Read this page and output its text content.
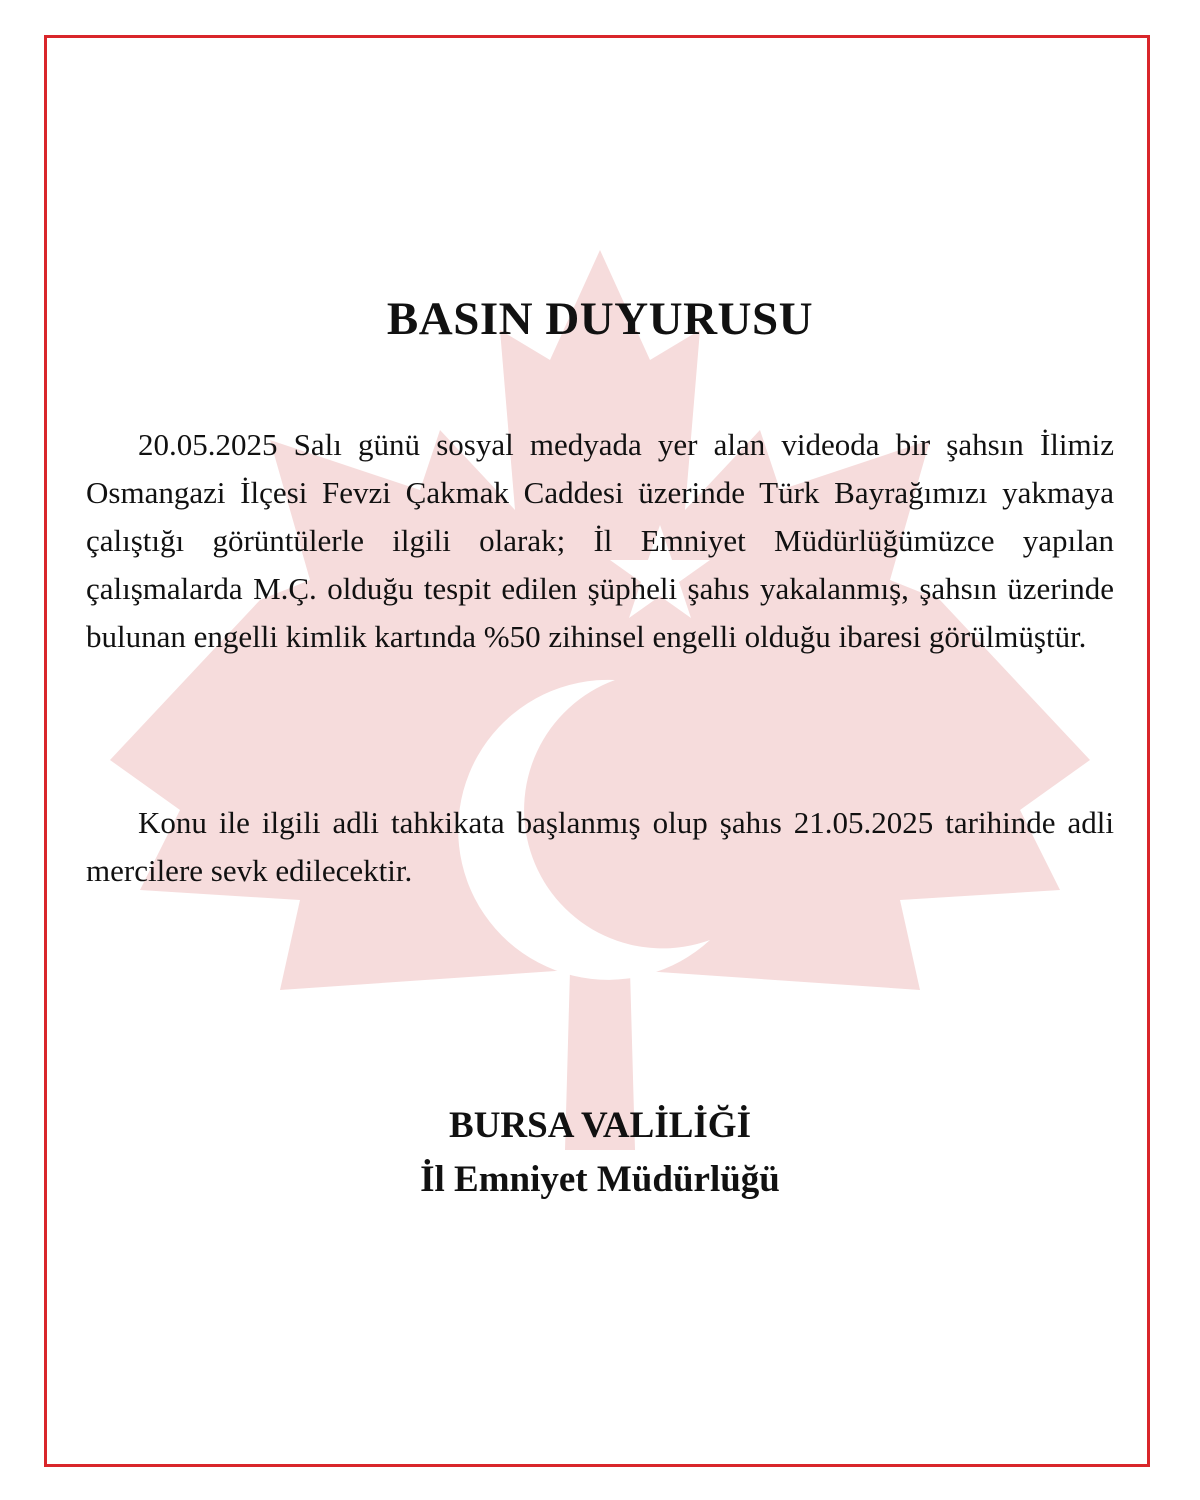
BASIN DUYURUSU

20.05.2025 Salı günü sosyal medyada yer alan videoda bir şahsın İlimiz Osmangazi İlçesi Fevzi Çakmak Caddesi üzerinde Türk Bayrağımızı yakmaya çalıştığı görüntülerle ilgili olarak; İl Emniyet Müdürlüğümüzce yapılan çalışmalarda M.Ç. olduğu tespit edilen şüpheli şahıs yakalanmış, şahsın üzerinde bulunan engelli kimlik kartında %50 zihinsel engelli olduğu ibaresi görülmüştür.

Konu ile ilgili adli tahkikata başlanmış olup şahıs 21.05.2025 tarihinde adli mercilere sevk edilecektir.

BURSA VALİLİĞİ
İl Emniyet Müdürlüğü
